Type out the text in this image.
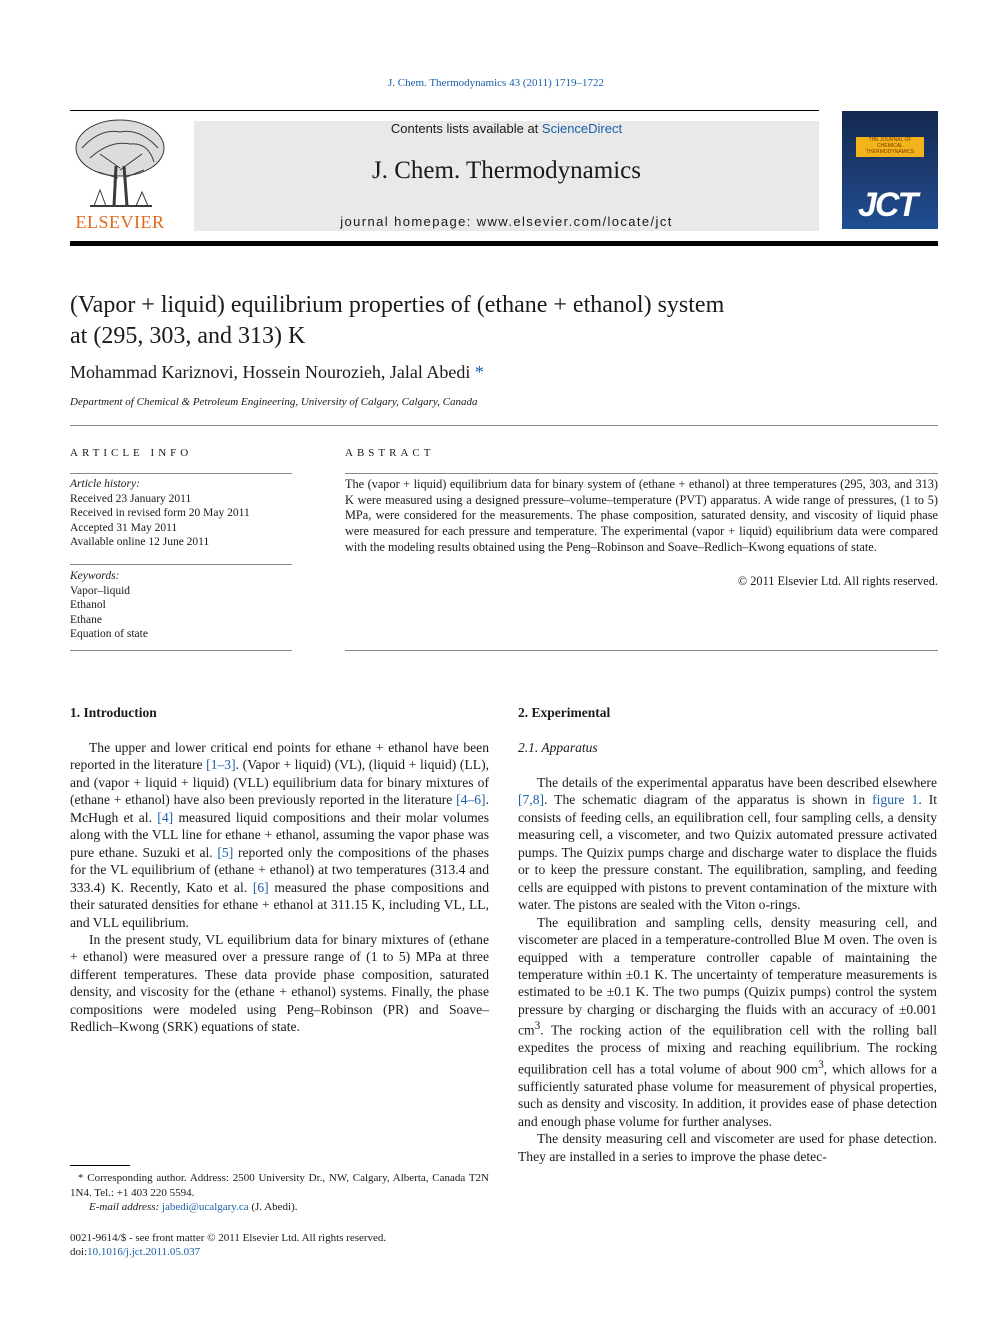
J. Chem. Thermodynamics 43 (2011) 1719–1722
ELSEVIER
Contents lists available at ScienceDirect
J. Chem. Thermodynamics
journal homepage: www.elsevier.com/locate/jct
THE JOURNAL OF CHEMICAL THERMODYNAMICS
JCT
(Vapor + liquid) equilibrium properties of (ethane + ethanol) system
at (295, 303, and 313) K
Mohammad Kariznovi, Hossein Nourozieh, Jalal Abedi *
Department of Chemical & Petroleum Engineering, University of Calgary, Calgary, Canada
ARTICLE INFO
Article history:
Received 23 January 2011
Received in revised form 20 May 2011
Accepted 31 May 2011
Available online 12 June 2011
Keywords:
Vapor–liquid
Ethanol
Ethane
Equation of state
ABSTRACT
The (vapor + liquid) equilibrium data for binary system of (ethane + ethanol) at three temperatures (295, 303, and 313) K were measured using a designed pressure–volume–temperature (PVT) apparatus. A wide range of pressures, (1 to 5) MPa, were considered for the measurements. The phase composition, saturated density, and viscosity of liquid phase were measured for each pressure and temperature. The experimental (vapor + liquid) equilibrium data were compared with the modeling results obtained using the Peng–Robinson and Soave–Redlich–Kwong equations of state.
© 2011 Elsevier Ltd. All rights reserved.
1. Introduction

The upper and lower critical end points for ethane + ethanol have been reported in the literature [1–3]. (Vapor + liquid) (VL), (liquid + liquid) (LL), and (vapor + liquid + liquid) (VLL) equilibrium data for binary mixtures of (ethane + ethanol) have also been previously reported in the literature [4–6]. McHugh et al. [4] measured liquid compositions and their molar volumes along with the VLL line for ethane + ethanol, assuming the vapor phase was pure ethane. Suzuki et al. [5] reported only the compositions of the phases for the VL equilibrium of (ethane + ethanol) at two temperatures (313.4 and 333.4) K. Recently, Kato et al. [6] measured the phase compositions and their saturated densities for ethane + ethanol at 311.15 K, including VL, LL, and VLL equilibrium.

In the present study, VL equilibrium data for binary mixtures of (ethane + ethanol) were measured over a pressure range of (1 to 5) MPa at three different temperatures. These data provide phase composition, saturated density, and viscosity for the (ethane + ethanol) systems. Finally, the phase compositions were modeled using Peng–Robinson (PR) and Soave–Redlich–Kwong (SRK) equations of state.

2. Experimental
2.1. Apparatus

The details of the experimental apparatus have been described elsewhere [7,8]. The schematic diagram of the apparatus is shown in figure 1. It consists of feeding cells, an equilibration cell, four sampling cells, a density measuring cell, a viscometer, and two Quizix automated pressure activated pumps. The Quizix pumps charge and discharge water to displace the fluids or to keep the pressure constant. The equilibration, sampling, and feeding cells are equipped with pistons to prevent contamination of the mixture with water. The pistons are sealed with the Viton o-rings.

The equilibration and sampling cells, density measuring cell, and viscometer are placed in a temperature-controlled Blue M oven. The oven is equipped with a temperature controller capable of maintaining the temperature within ±0.1 K. The uncertainty of temperature measurements is estimated to be ±0.1 K. The two pumps (Quizix pumps) control the system pressure by charging or discharging the fluids with an accuracy of ±0.001 $cm^3$. The rocking action of the equilibration cell with the rolling ball expedites the process of mixing and reaching equilibrium. The rocking equilibration cell has a total volume of about 900 $cm^3$, which allows for a sufficiently saturated phase volume for measurement of physical properties, such as density and viscosity. In addition, it provides ease of phase detection and enough phase volume for further analyses.

The density measuring cell and viscometer are used for phase detection. They are installed in a series to improve the phase detec-

* Corresponding author. Address: 2500 University Dr., NW, Calgary, Alberta, Canada T2N 1N4. Tel.: +1 403 220 5594.
E-mail address: jabedi@ucalgary.ca (J. Abedi).
0021-9614/$ - see front matter © 2011 Elsevier Ltd. All rights reserved.
doi:10.1016/j.jct.2011.05.037
